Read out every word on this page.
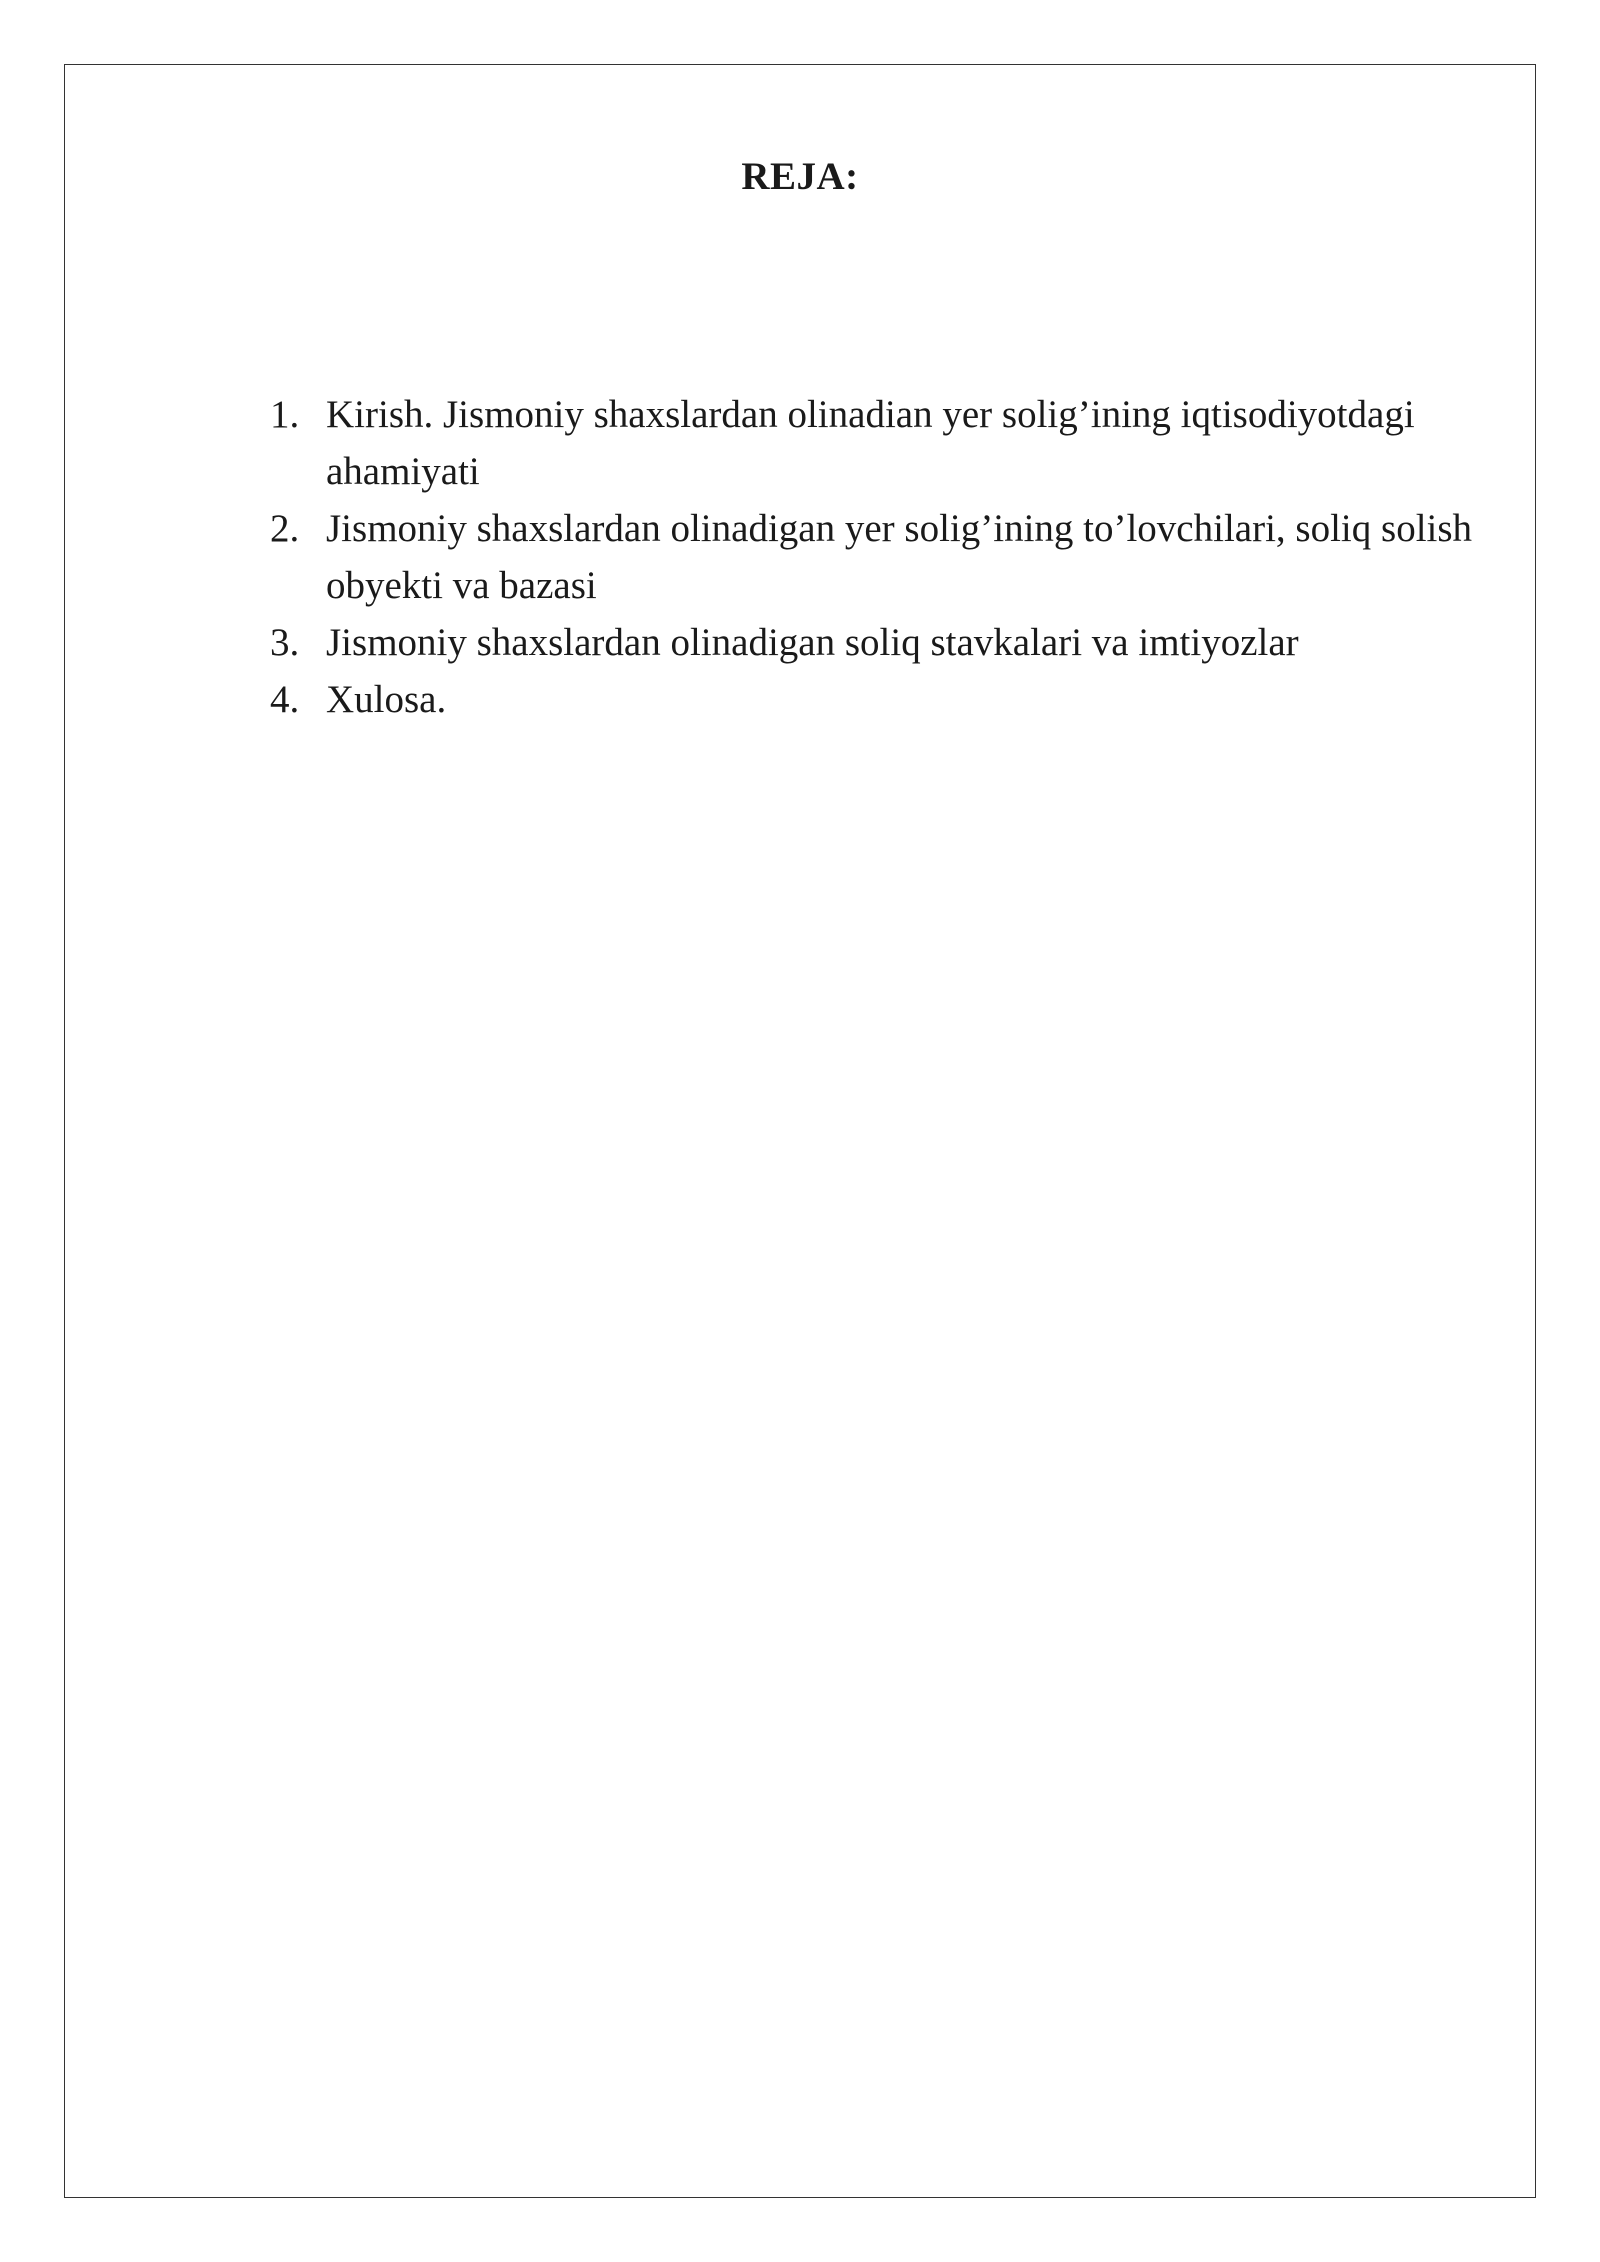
REJA:
1. Kirish. Jismoniy shaxslardan olinadian yer solig’ining iqtisodiyotdagi ahamiyati
2. Jismoniy shaxslardan olinadigan yer solig’ining to’lovchilari, soliq solish obyekti va bazasi
3. Jismoniy shaxslardan olinadigan soliq stavkalari va imtiyozlar
4. Xulosa.
